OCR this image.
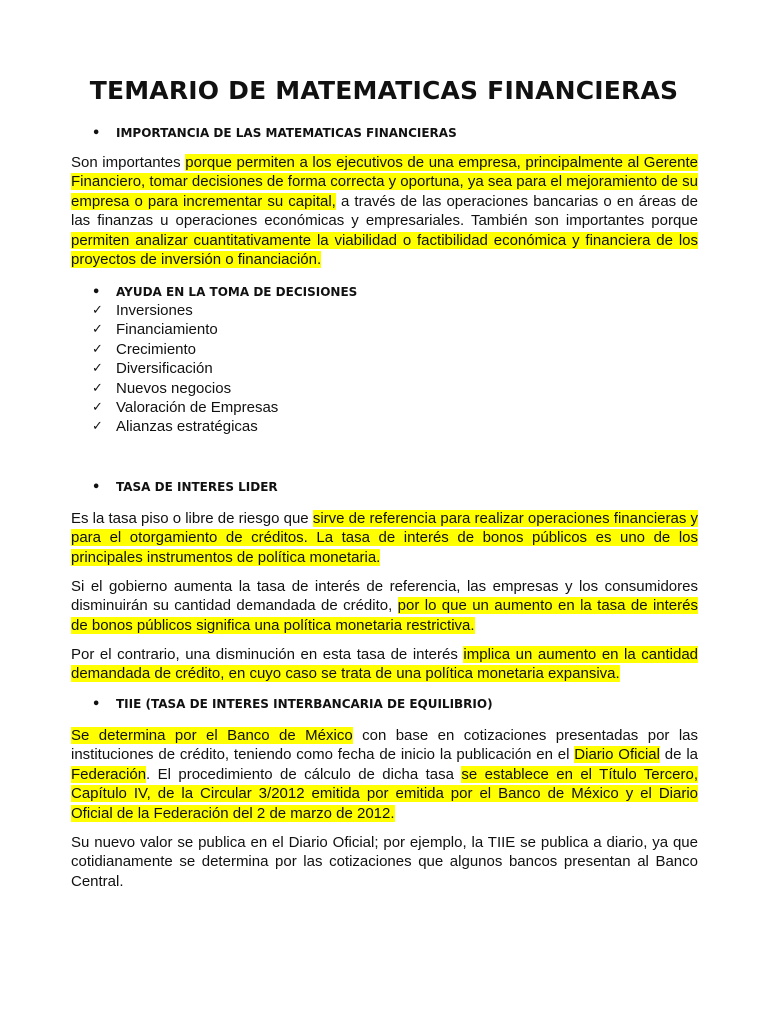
TEMARIO DE MATEMATICAS FINANCIERAS
• IMPORTANCIA DE LAS MATEMATICAS FINANCIERAS

Son importantes porque permiten a los ejecutivos de una empresa, principalmente al Gerente Financiero, tomar decisiones de forma correcta y oportuna, ya sea para el mejoramiento de su empresa o para incrementar su capital, a través de las operaciones bancarias o en áreas de las finanzas u operaciones económicas y empresariales. También son importantes porque permiten analizar cuantitativamente la viabilidad o factibilidad económica y financiera de los proyectos de inversión o financiación.

• AYUDA EN LA TOMA DE DECISIONES
✓ Inversiones
✓ Financiamiento
✓ Crecimiento
✓ Diversificación
✓ Nuevos negocios
✓ Valoración de Empresas
✓ Alianzas estratégicas
• TASA DE INTERES LIDER

Es la tasa piso o libre de riesgo que sirve de referencia para realizar operaciones financieras y para el otorgamiento de créditos. La tasa de interés de bonos públicos es uno de los principales instrumentos de política monetaria.

Si el gobierno aumenta la tasa de interés de referencia, las empresas y los consumidores disminuirán su cantidad demandada de crédito, por lo que un aumento en la tasa de interés de bonos públicos significa una política monetaria restrictiva.

Por el contrario, una disminución en esta tasa de interés implica un aumento en la cantidad demandada de crédito, en cuyo caso se trata de una política monetaria expansiva.

• TIIE (TASA DE INTERES INTERBANCARIA DE EQUILIBRIO)

Se determina por el Banco de México con base en cotizaciones presentadas por las instituciones de crédito, teniendo como fecha de inicio la publicación en el Diario Oficial de la Federación. El procedimiento de cálculo de dicha tasa se establece en el Título Tercero, Capítulo IV, de la Circular 3/2012 emitida por emitida por el Banco de México y el Diario Oficial de la Federación del 2 de marzo de 2012.

Su nuevo valor se publica en el Diario Oficial; por ejemplo, la TIIE se publica a diario, ya que cotidianamente se determina por las cotizaciones que algunos bancos presentan al Banco Central.
